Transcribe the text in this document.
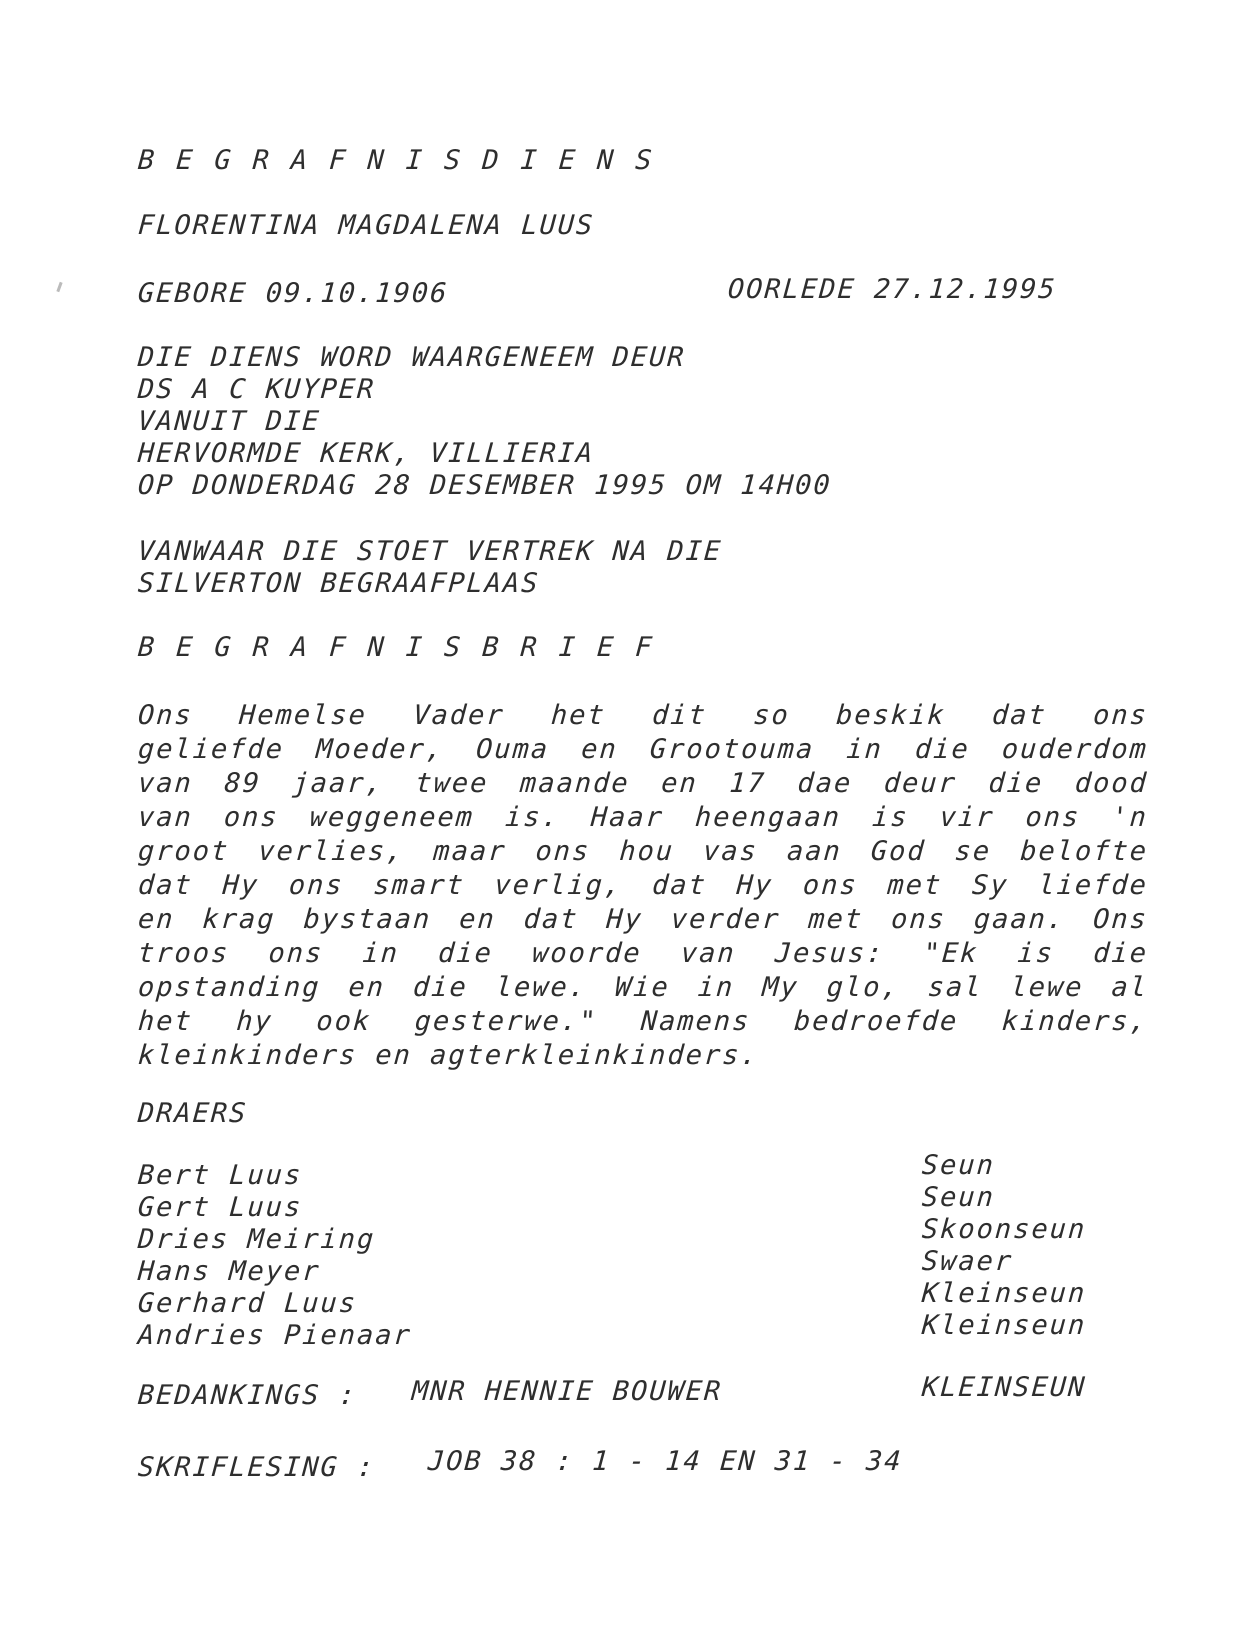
BEGRAFNISDIENS
FLORENTINA MAGDALENA LUUS
GEBORE 09.10.1906	OORLEDE 27.12.1995
DIE DIENS WORD WAARGENEEM DEUR
DS A C KUYPER
VANUIT DIE
HERVORMDE KERK, VILLIERIA
OP DONDERDAG 28 DESEMBER 1995 OM 14H00
VANWAAR DIE STOET VERTREK NA DIE
SILVERTON BEGRAAFPLAAS
BEGRAFNISBRIEF
Ons Hemelse Vader het dit so beskik dat ons
geliefde Moeder, Ouma en Grootouma in die ouderdom
van 89 jaar, twee maande en 17 dae deur die dood
van ons weggeneem is. Haar heengaan is vir ons 'n
groot verlies, maar ons hou vas aan God se belofte
dat Hy ons smart verlig, dat Hy ons met Sy liefde
en krag bystaan en dat Hy verder met ons gaan. Ons
troos ons in die woorde van Jesus: "Ek is die
opstanding en die lewe. Wie in My glo, sal lewe al
het hy ook gesterwe." Namens bedroefde kinders,
kleinkinders
en
agterkleinkinders.
DRAERS
Bert Luus	Seun
Gert Luus	Seun
Dries Meiring	Skoonseun
Hans Meyer	Swaer
Gerhard Luus	Kleinseun
Andries Pienaar	Kleinseun
BEDANKINGS : MNR HENNIE BOUWER	KLEINSEUN
SKRIFLESING : JOB 38 : 1 - 14 EN 31 - 34
